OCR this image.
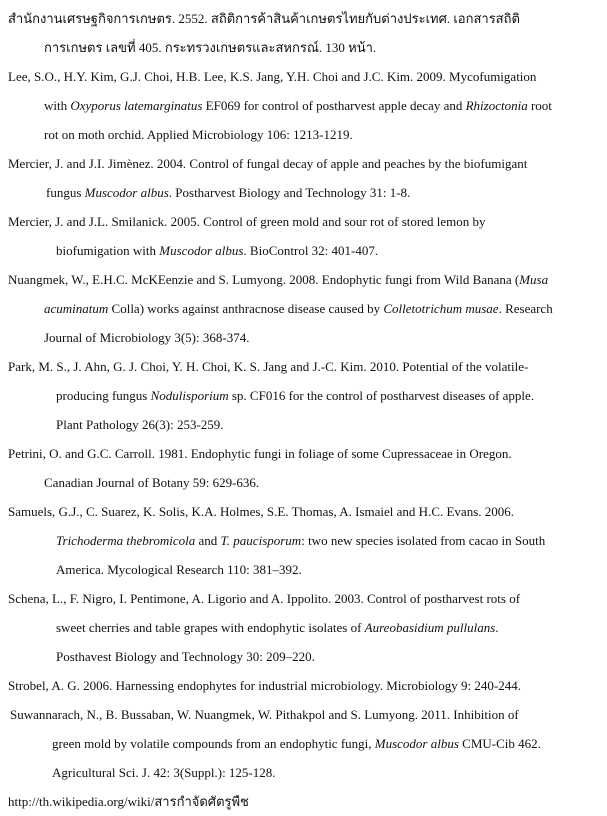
สำนักงานเศรษฐกิจการเกษตร. 2552. สถิติการค้าสินค้าเกษตรไทยกับต่างประเทศ. เอกสารสถิติ
การเกษตร เลขที่ 405. กระทรวงเกษตรและสหกรณ์. 130 หน้า.
Lee, S.O., H.Y. Kim, G.J. Choi, H.B. Lee, K.S. Jang, Y.H. Choi and J.C. Kim. 2009. Mycofumigation
with Oxyporus latemarginatus EF069 for control of postharvest apple decay and Rhizoctonia root
rot on moth orchid. Applied Microbiology 106: 1213-1219.
Mercier, J. and J.I. Jimènez. 2004. Control of fungal decay of apple and peaches by the biofumigant
fungus Muscodor albus. Postharvest Biology and Technology 31: 1-8.
Mercier, J. and J.L. Smilanick. 2005. Control of green mold and sour rot of stored lemon by
biofumigation with Muscodor albus. BioControl 32: 401-407.
Nuangmek, W., E.H.C. McKEenzie and S. Lumyong. 2008. Endophytic fungi from Wild Banana (Musa
acuminatum Colla) works against anthracnose disease caused by Colletotrichum musae. Research
Journal of Microbiology 3(5): 368-374.
Park, M. S., J. Ahn, G. J. Choi, Y. H. Choi, K. S. Jang and J.-C. Kim. 2010. Potential of the volatile-
producing fungus Nodulisporium sp. CF016 for the control of postharvest diseases of apple.
Plant Pathology 26(3): 253-259.
Petrini, O. and G.C. Carroll. 1981. Endophytic fungi in foliage of some Cupressaceae in Oregon.
Canadian Journal of Botany 59: 629-636.
Samuels, G.J., C. Suarez, K. Solis, K.A. Holmes, S.E. Thomas, A. Ismaiel and H.C. Evans. 2006.
Trichoderma thebromicola and T. paucisporum: two new species isolated from cacao in South
America. Mycological Research 110: 381–392.
Schena, L., F. Nigro, I. Pentimone, A. Ligorio and A. Ippolito. 2003. Control of postharvest rots of
sweet cherries and table grapes with endophytic isolates of Aureobasidium pullulans.
Posthavest Biology and Technology 30: 209–220.
Strobel, A. G. 2006. Harnessing endophytes for industrial microbiology. Microbiology 9: 240-244.
Suwannarach, N., B. Bussaban, W. Nuangmek, W. Pithakpol and S. Lumyong. 2011. Inhibition of
green mold by volatile compounds from an endophytic fungi, Muscodor albus CMU-Cib 462.
Agricultural Sci. J. 42: 3(Suppl.): 125-128.
http://th.wikipedia.org/wiki/สารกำจัดศัตรูพืช
